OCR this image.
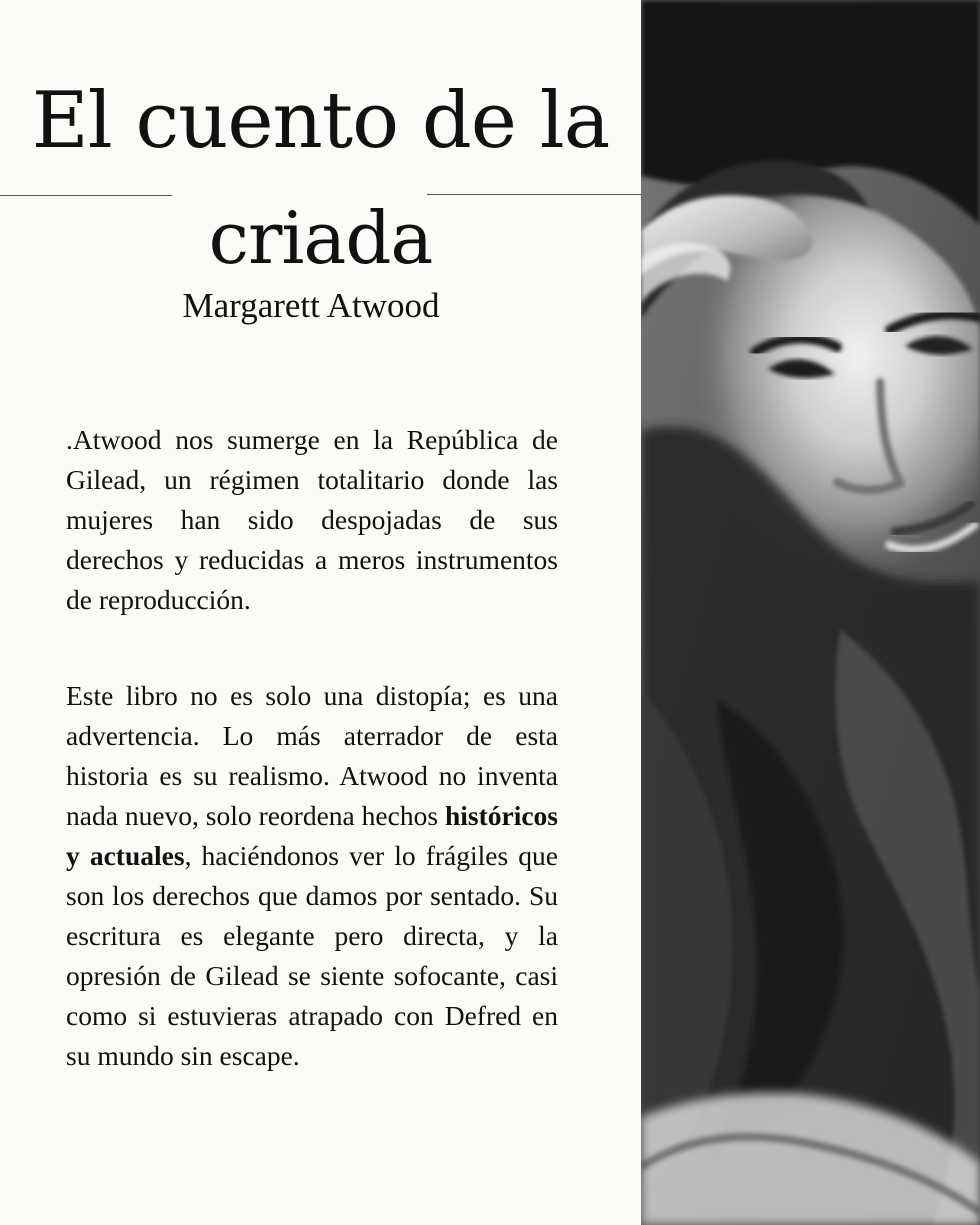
El cuento de la
criada
Margarett Atwood

.Atwood nos sumerge en la República de Gilead, un régimen totalitario donde las mujeres han sido despojadas de sus derechos y reducidas a meros instrumentos de reproducción.

Este libro no es solo una distopía; es una advertencia. Lo más aterrador de esta historia es su realismo. Atwood no inventa nada nuevo, solo reordena hechos históricos y actuales, haciéndonos ver lo frágiles que son los derechos que damos por sentado. Su escritura es elegante pero directa, y la opresión de Gilead se siente sofocante, casi como si estuvieras atrapado con Defred en su mundo sin escape.
